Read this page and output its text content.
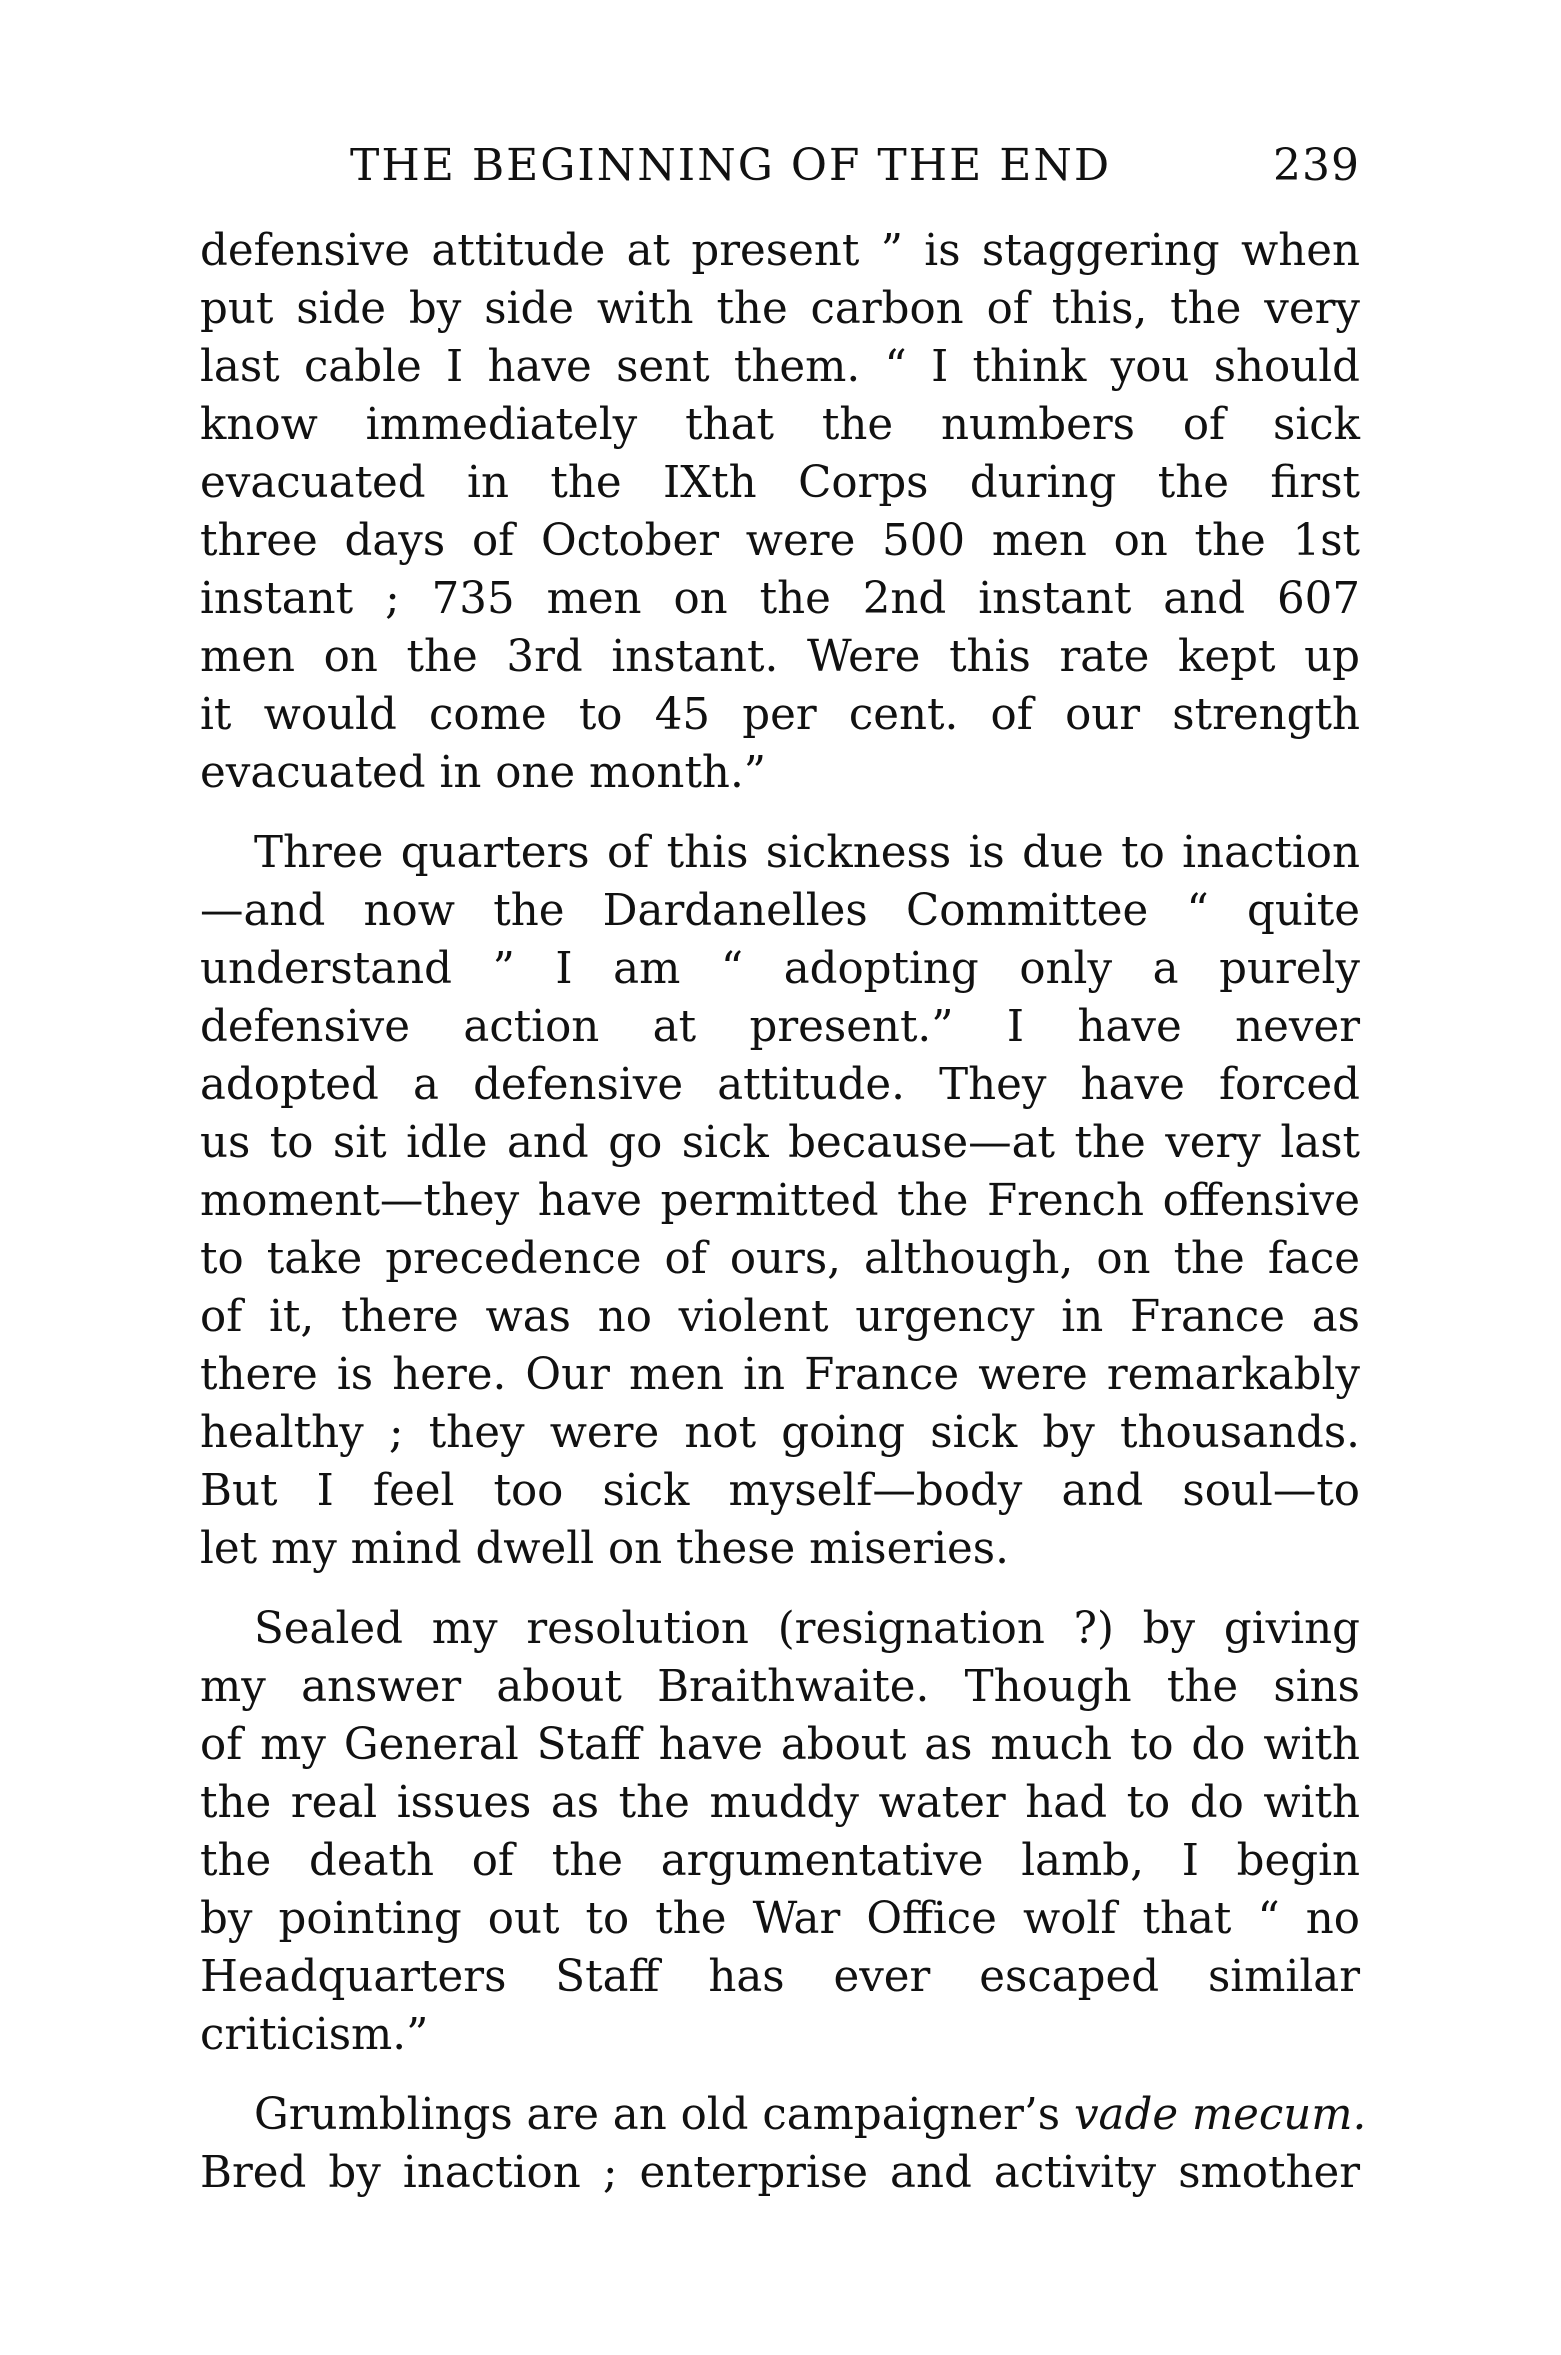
THE BEGINNING OF THE END	239
defensive attitude at present ” is staggering when
put side by side with the carbon of this, the very
last cable I have sent them. “ I think you should
know immediately that the numbers of sick
evacuated in the IXth Corps during the first
three days of October were 500 men on the 1st
instant ; 735 men on the 2nd instant and 607
men on the 3rd instant. Were this rate kept up
it would come to 45 per cent. of our strength
evacuated in one month.”
Three quarters of this sickness is due to inaction
—and now the Dardanelles Committee “ quite
understand ” I am “ adopting only a purely
defensive action at present.” I have never
adopted a defensive attitude. They have forced
us to sit idle and go sick because—at the very last
moment—they have permitted the French offensive
to take precedence of ours, although, on the face
of it, there was no violent urgency in France as
there is here. Our men in France were remarkably
healthy ; they were not going sick by thousands.
But I feel too sick myself—body and soul—to
let my mind dwell on these miseries.
Sealed my resolution (resignation ?) by giving
my answer about Braithwaite. Though the sins
of my General Staff have about as much to do with
the real issues as the muddy water had to do with
the death of the argumentative lamb, I begin
by pointing out to the War Office wolf that “ no
Headquarters Staff has ever escaped similar
criticism.”
Grumblings are an old campaigner’s vade mecum.
Bred by inaction ; enterprise and activity smother
